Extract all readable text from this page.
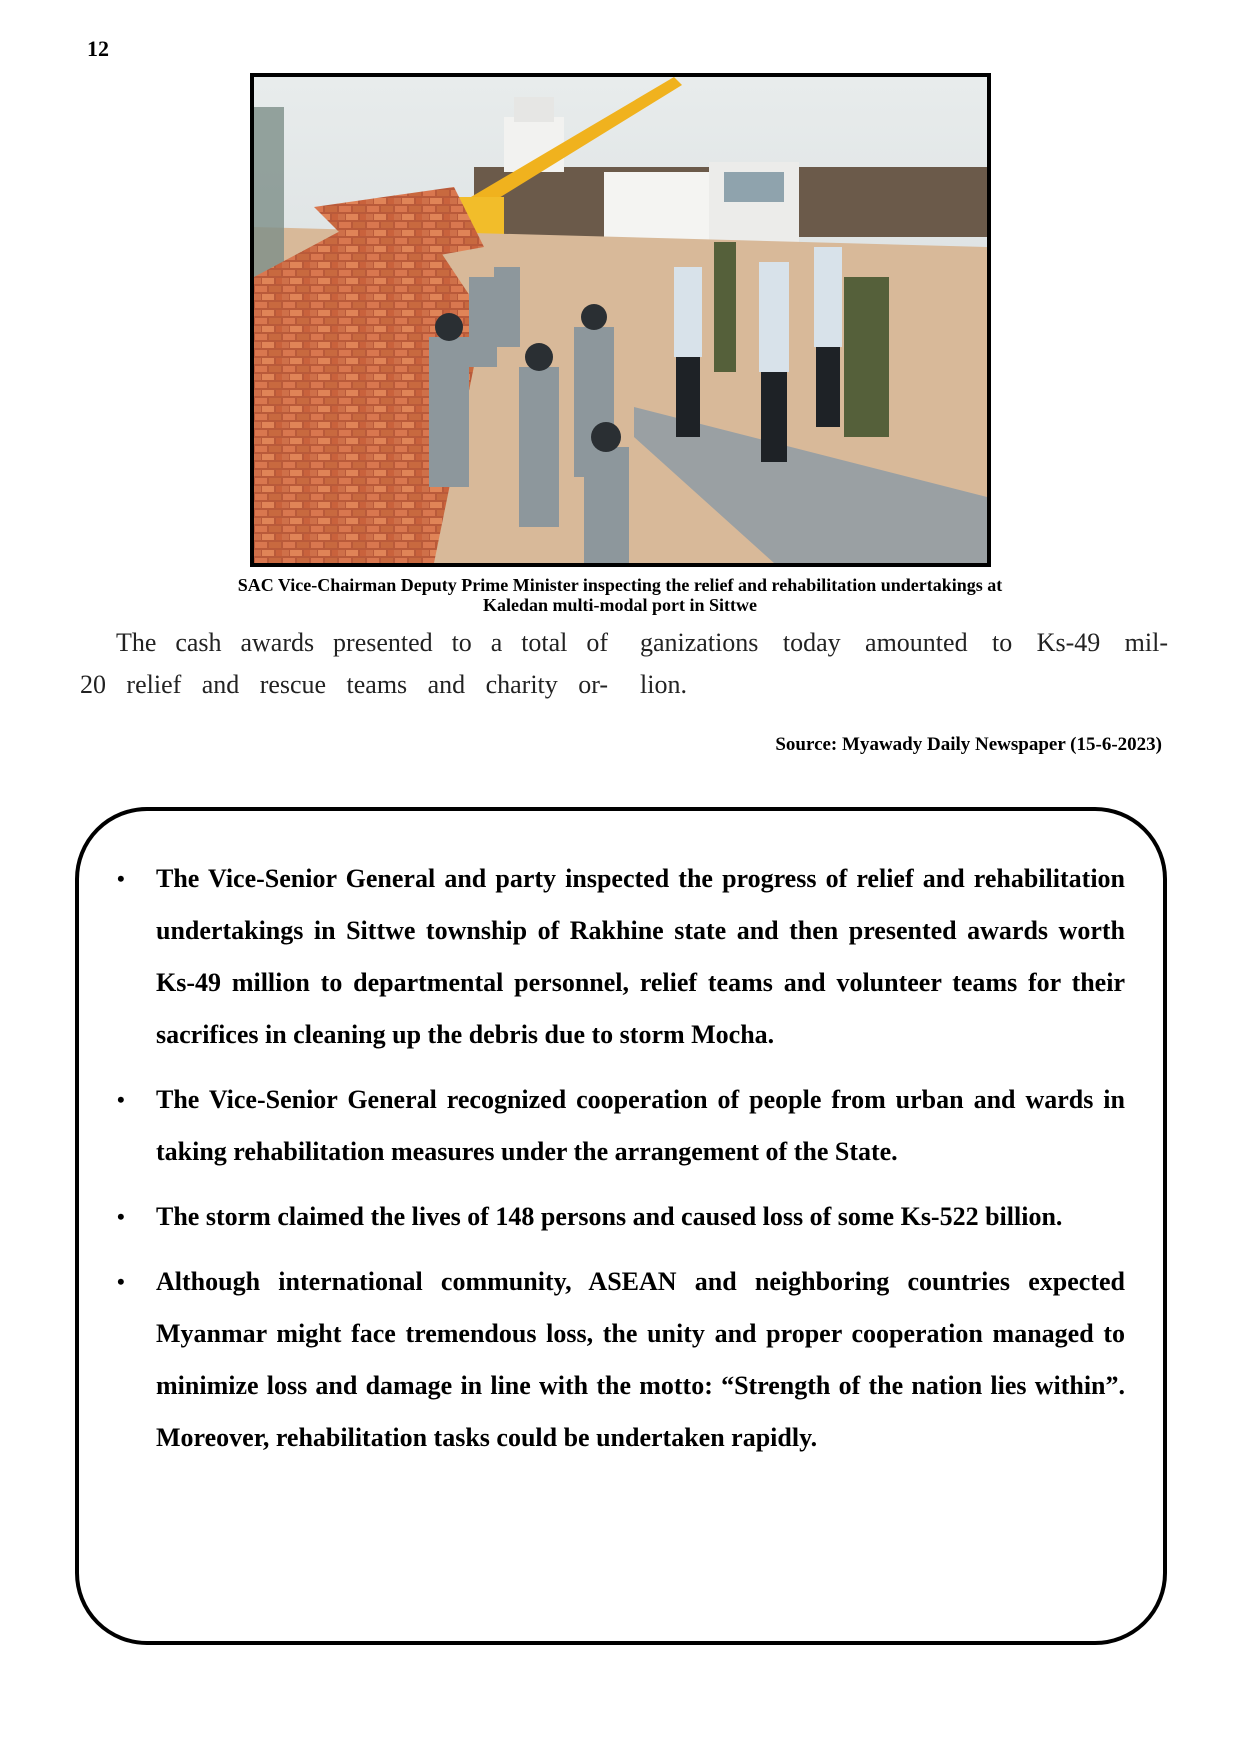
12
SAC Vice-Chairman Deputy Prime Minister inspecting the relief and rehabilitation undertakings at
Kaledan multi-modal port in Sittwe
The cash awards presented to a total of
20 relief and rescue teams and charity or-
ganizations today amounted to Ks-49 mil-
lion.
Source: Myawady Daily Newspaper (15-6-2023)
• The Vice-Senior General and party inspected the progress of relief and rehabilitation undertakings in Sittwe township of Rakhine state and then presented awards worth Ks-49 million to departmental personnel, relief teams and volunteer teams for their sacrifices in cleaning up the debris due to storm Mocha.
• The Vice-Senior General recognized cooperation of people from urban and wards in taking rehabilitation measures under the arrangement of the State.
• The storm claimed the lives of 148 persons and caused loss of some Ks-522 billion.
• Although international community, ASEAN and neighboring countries expected Myanmar might face tremendous loss, the unity and proper cooperation managed to minimize loss and damage in line with the motto: “Strength of the nation lies within”. Moreover, rehabilitation tasks could be undertaken rapidly.
